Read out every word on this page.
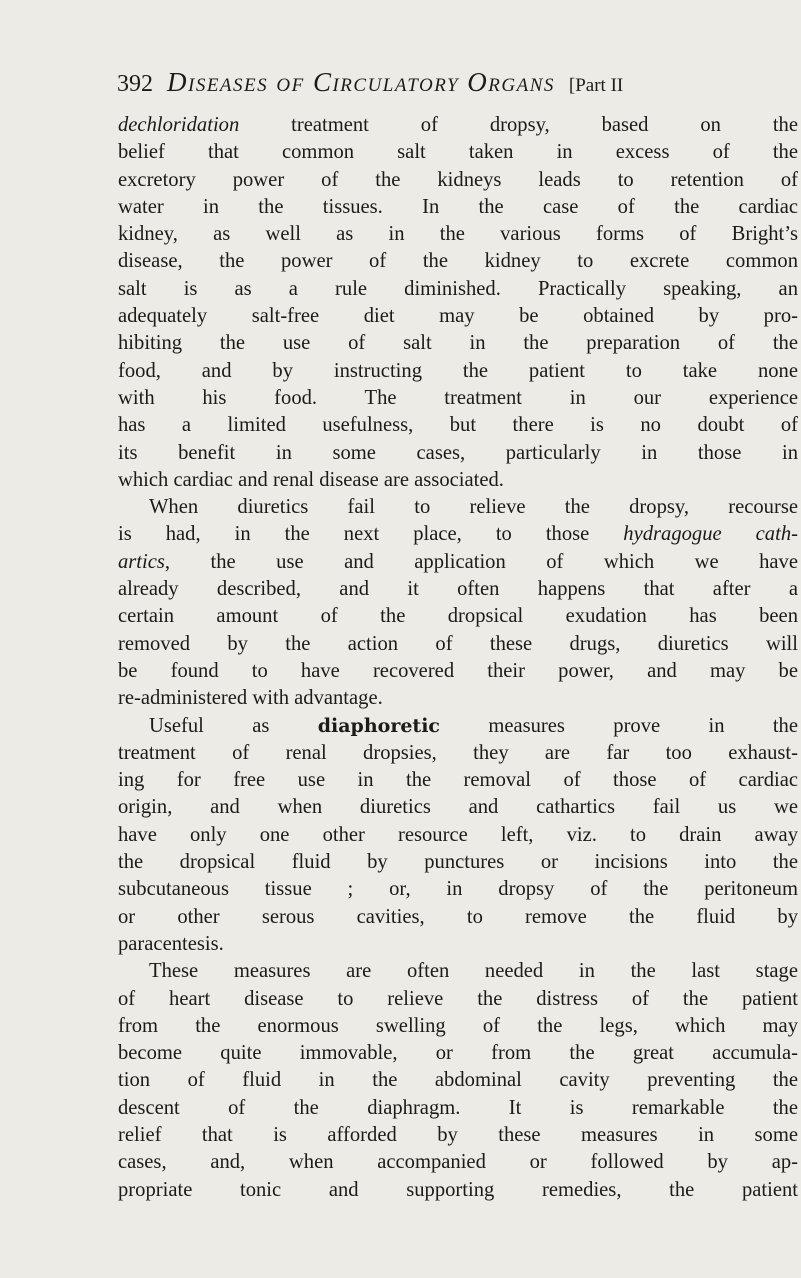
392 Diseases of Circulatory Organs [Part II
dechloridation treatment of dropsy, based on the
belief that common salt taken in excess of the
excretory power of the kidneys leads to retention of
water in the tissues. In the case of the cardiac
kidney, as well as in the various forms of Bright’s
disease, the power of the kidney to excrete common
salt is as a rule diminished. Practically speaking, an
adequately salt-free diet may be obtained by pro-
hibiting the use of salt in the preparation of the
food, and by instructing the patient to take none
with his food. The treatment in our experience
has a limited usefulness, but there is no doubt of
its benefit in some cases, particularly in those in
which cardiac and renal disease are associated.
When diuretics fail to relieve the dropsy, recourse
is had, in the next place, to those hydragogue cath-
artics, the use and application of which we have
already described, and it often happens that after a
certain amount of the dropsical exudation has been
removed by the action of these drugs, diuretics will
be found to have recovered their power, and may be
re-administered with advantage.
Useful as diaphoretic measures prove in the
treatment of renal dropsies, they are far too exhaust-
ing for free use in the removal of those of cardiac
origin, and when diuretics and cathartics fail us we
have only one other resource left, viz. to drain away
the dropsical fluid by punctures or incisions into the
subcutaneous tissue ; or, in dropsy of the peritoneum
or other serous cavities, to remove the fluid by
paracentesis.
These measures are often needed in the last stage
of heart disease to relieve the distress of the patient
from the enormous swelling of the legs, which may
become quite immovable, or from the great accumula-
tion of fluid in the abdominal cavity preventing the
descent of the diaphragm. It is remarkable the
relief that is afforded by these measures in some
cases, and, when accompanied or followed by ap-
propriate tonic and supporting remedies, the patient
